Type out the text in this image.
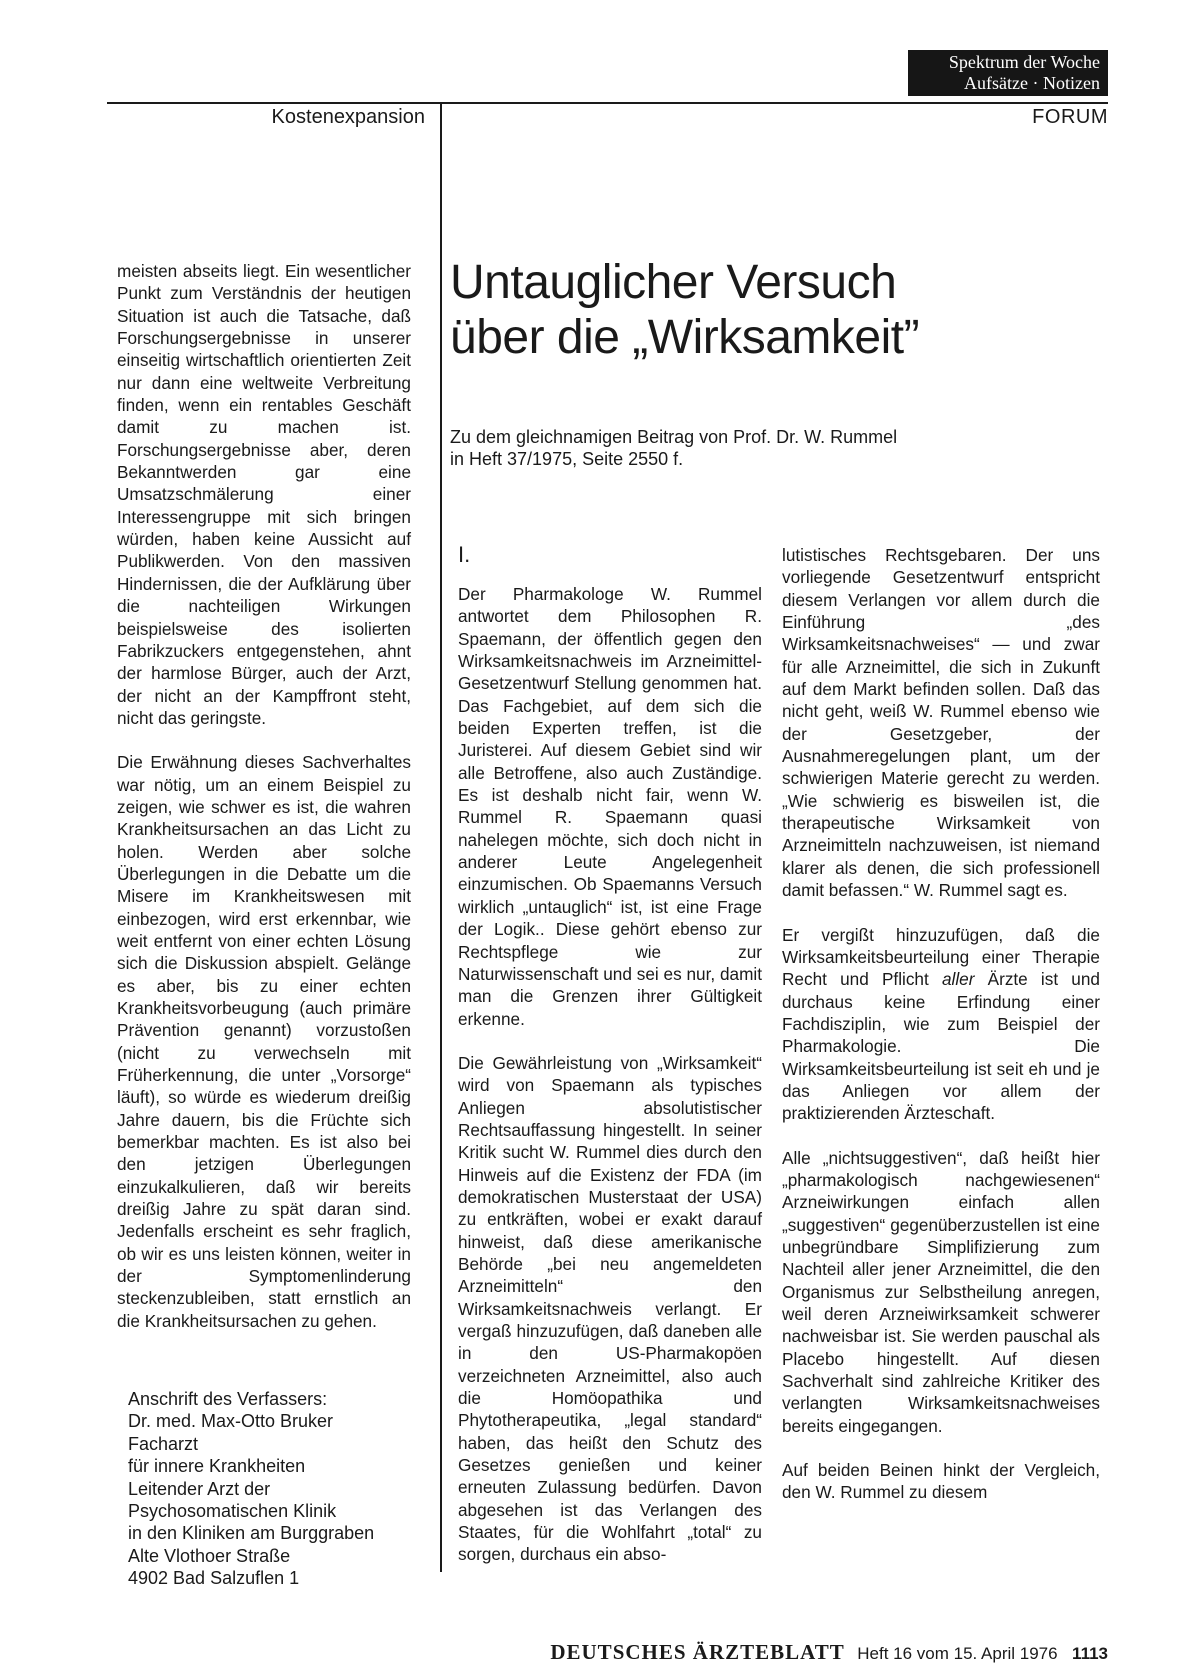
Spektrum der Woche
Aufsätze · Notizen
Kostenexpansion	FORUM

meisten abseits liegt. Ein wesentlicher Punkt zum Verständnis der heutigen Situation ist auch die Tatsache, daß Forschungsergebnisse in unserer einseitig wirtschaftlich orientierten Zeit nur dann eine weltweite Verbreitung finden, wenn ein rentables Geschäft damit zu machen ist. Forschungsergebnisse aber, deren Bekanntwerden gar eine Umsatzschmälerung einer Interessengruppe mit sich bringen würden, haben keine Aussicht auf Publikwerden. Von den massiven Hindernissen, die der Aufklärung über die nachteiligen Wirkungen beispielsweise des isolierten Fabrikzuckers entgegenstehen, ahnt der harmlose Bürger, auch der Arzt, der nicht an der Kampffront steht, nicht das geringste.

Die Erwähnung dieses Sachverhaltes war nötig, um an einem Beispiel zu zeigen, wie schwer es ist, die wahren Krankheitsursachen an das Licht zu holen. Werden aber solche Überlegungen in die Debatte um die Misere im Krankheitswesen mit einbezogen, wird erst erkennbar, wie weit entfernt von einer echten Lösung sich die Diskussion abspielt. Gelänge es aber, bis zu einer echten Krankheitsvorbeugung (auch primäre Prävention genannt) vorzustoßen (nicht zu verwechseln mit Früherkennung, die unter „Vorsorge“ läuft), so würde es wiederum dreißig Jahre dauern, bis die Früchte sich bemerkbar machten. Es ist also bei den jetzigen Überlegungen einzukalkulieren, daß wir bereits dreißig Jahre zu spät daran sind. Jedenfalls erscheint es sehr fraglich, ob wir es uns leisten können, weiter in der Symptomenlinderung steckenzubleiben, statt ernstlich an die Krankheitsursachen zu gehen.

Anschrift des Verfassers:
Dr. med. Max-Otto Bruker
Facharzt
für innere Krankheiten
Leitender Arzt der
Psychosomatischen Klinik
in den Kliniken am Burggraben
Alte Vlothoer Straße
4902 Bad Salzuflen 1
Untauglicher Versuch
über die „Wirksamkeit”
Zu dem gleichnamigen Beitrag von Prof. Dr. W. Rummel
in Heft 37/1975, Seite 2550 f.
I.

Der Pharmakologe W. Rummel antwortet dem Philosophen R. Spaemann, der öffentlich gegen den Wirksamkeitsnachweis im Arzneimittel-Gesetzentwurf Stellung genommen hat. Das Fachgebiet, auf dem sich die beiden Experten treffen, ist die Juristerei. Auf diesem Gebiet sind wir alle Betroffene, also auch Zuständige. Es ist deshalb nicht fair, wenn W. Rummel R. Spaemann quasi nahelegen möchte, sich doch nicht in anderer Leute Angelegenheit einzumischen. Ob Spaemanns Versuch wirklich „untauglich“ ist, ist eine Frage der Logik.. Diese gehört ebenso zur Rechtspflege wie zur Naturwissenschaft und sei es nur, damit man die Grenzen ihrer Gültigkeit erkenne.

Die Gewährleistung von „Wirksamkeit“ wird von Spaemann als typisches Anliegen absolutistischer Rechtsauffassung hingestellt. In seiner Kritik sucht W. Rummel dies durch den Hinweis auf die Existenz der FDA (im demokratischen Musterstaat der USA) zu entkräften, wobei er exakt darauf hinweist, daß diese amerikanische Behörde „bei neu angemeldeten Arzneimitteln“ den Wirksamkeitsnachweis verlangt. Er vergaß hinzuzufügen, daß daneben alle in den US-Pharmakopöen verzeichneten Arzneimittel, also auch die Homöopathika und Phytotherapeutika, „legal standard“ haben, das heißt den Schutz des Gesetzes genießen und keiner erneuten Zulassung bedürfen. Davon abgesehen ist das Verlangen des Staates, für die Wohlfahrt „total“ zu sorgen, durchaus ein abso-

lutistisches Rechtsgebaren. Der uns vorliegende Gesetzentwurf entspricht diesem Verlangen vor allem durch die Einführung „des Wirksamkeitsnachweises“ — und zwar für alle Arzneimittel, die sich in Zukunft auf dem Markt befinden sollen. Daß das nicht geht, weiß W. Rummel ebenso wie der Gesetzgeber, der Ausnahmeregelungen plant, um der schwierigen Materie gerecht zu werden. „Wie schwierig es bisweilen ist, die therapeutische Wirksamkeit von Arzneimitteln nachzuweisen, ist niemand klarer als denen, die sich professionell damit befassen.“ W. Rummel sagt es.

Er vergißt hinzuzufügen, daß die Wirksamkeitsbeurteilung einer Therapie Recht und Pflicht aller Ärzte ist und durchaus keine Erfindung einer Fachdisziplin, wie zum Beispiel der Pharmakologie. Die Wirksamkeitsbeurteilung ist seit eh und je das Anliegen vor allem der praktizierenden Ärzteschaft.

Alle „nichtsuggestiven“, daß heißt hier „pharmakologisch nachgewiesenen“ Arzneiwirkungen einfach allen „suggestiven“ gegenüberzustellen ist eine unbegründbare Simplifizierung zum Nachteil aller jener Arzneimittel, die den Organismus zur Selbstheilung anregen, weil deren Arzneiwirksamkeit schwerer nachweisbar ist. Sie werden pauschal als Placebo hingestellt. Auf diesen Sachverhalt sind zahlreiche Kritiker des verlangten Wirksamkeitsnachweises bereits eingegangen.

Auf beiden Beinen hinkt der Vergleich, den W. Rummel zu diesem

DEUTSCHES ÄRZTEBLATT Heft 16 vom 15. April 1976 1113
